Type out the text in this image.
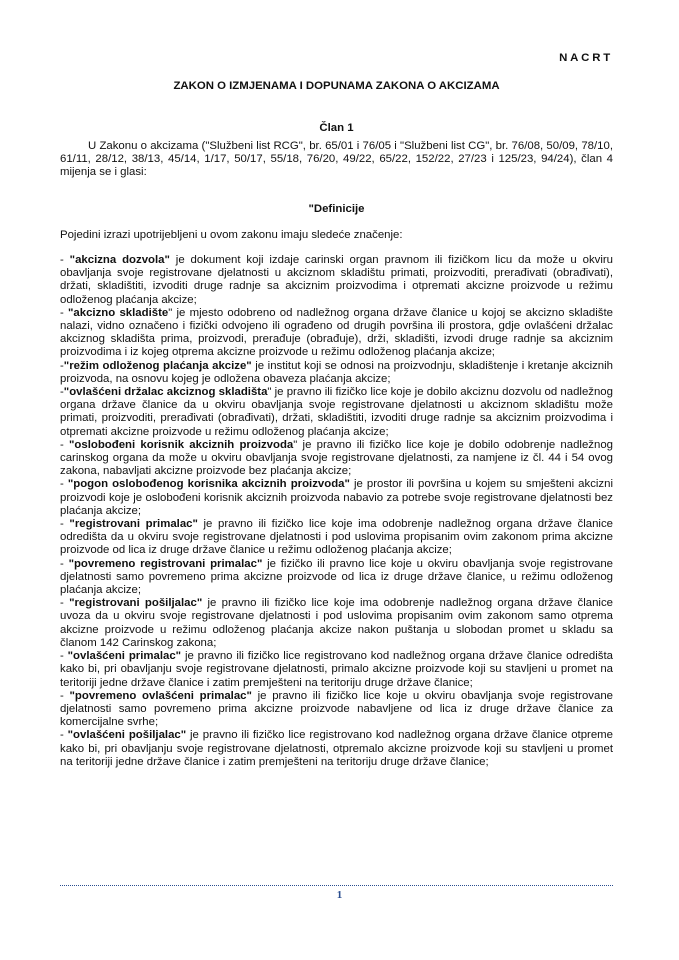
NACRT
ZAKON O IZMJENAMA I DOPUNAMA ZAKONA O AKCIZAMA
Član 1
U Zakonu o akcizama ("Službeni list RCG", br. 65/01 i 76/05 i "Službeni list CG", br. 76/08, 50/09, 78/10, 61/11, 28/12, 38/13, 45/14, 1/17, 50/17, 55/18, 76/20, 49/22, 65/22, 152/22, 27/23 i 125/23, 94/24), član 4 mijenja se i glasi:
"Definicije
Pojedini izrazi upotrijebljeni u ovom zakonu imaju sledeće značenje:

- "akcizna dozvola" je dokument koji izdaje carinski organ pravnom ili fizičkom licu da može u okviru obavljanja svoje registrovane djelatnosti u akciznom skladištu primati, proizvoditi, prerađivati (obrađivati), držati, skladištiti, izvoditi druge radnje sa akciznim proizvodima i otpremati akcizne proizvode u režimu odloženog plaćanja akcize;

- "akcizno skladište" je mjesto odobreno od nadležnog organa države članice u kojoj se akcizno skladište nalazi, vidno označeno i fizički odvojeno ili ograđeno od drugih površina ili prostora, gdje ovlašćeni držalac akciznog skladišta prima, proizvodi, prerađuje (obrađuje), drži, skladišti, izvodi druge radnje sa akciznim proizvodima i iz kojeg otprema akcizne proizvode u režimu odloženog plaćanja akcize;

-"režim odloženog plaćanja akcize" je institut koji se odnosi na proizvodnju, skladištenje i kretanje akciznih proizvoda, na osnovu kojeg je odložena obaveza plaćanja akcize;

-"ovlašćeni držalac akciznog skladišta" je pravno ili fizičko lice koje je dobilo akciznu dozvolu od nadležnog organa države članice da u okviru obavljanja svoje registrovane djelatnosti u akciznom skladištu može primati, proizvoditi, prerađivati (obrađivati), držati, skladištiti, izvoditi druge radnje sa akciznim proizvodima i otpremati akcizne proizvode u režimu odloženog plaćanja akcize;

- "oslobođeni korisnik akciznih proizvoda" je pravno ili fizičko lice koje je dobilo odobrenje nadležnog carinskog organa da može u okviru obavljanja svoje registrovane djelatnosti, za namjene iz čl. 44 i 54 ovog zakona, nabavljati akcizne proizvode bez plaćanja akcize;

- "pogon oslobođenog korisnika akciznih proizvoda" je prostor ili površina u kojem su smješteni akcizni proizvodi koje je oslobođeni korisnik akciznih proizvoda nabavio za potrebe svoje registrovane djelatnosti bez plaćanja akcize;

- "registrovani primalac" je pravno ili fizičko lice koje ima odobrenje nadležnog organa države članice odredišta da u okviru svoje registrovane djelatnosti i pod uslovima propisanim ovim zakonom prima akcizne proizvode od lica iz druge države članice u režimu odloženog plaćanja akcize;

- "povremeno registrovani primalac" je fizičko ili pravno lice koje u okviru obavljanja svoje registrovane djelatnosti samo povremeno prima akcizne proizvode od lica iz druge države članice, u režimu odloženog plaćanja akcize;

- "registrovani pošiljalac" je pravno ili fizičko lice koje ima odobrenje nadležnog organa države članice uvoza da u okviru svoje registrovane djelatnosti i pod uslovima propisanim ovim zakonom samo otprema akcizne proizvode u režimu odloženog plaćanja akcize nakon puštanja u slobodan promet u skladu sa članom 142 Carinskog zakona;

- "ovlašćeni primalac" je pravno ili fizičko lice registrovano kod nadležnog organa države članice odredišta kako bi, pri obavljanju svoje registrovane djelatnosti, primalo akcizne proizvode koji su stavljeni u promet na teritoriji jedne države članice i zatim premješteni na teritoriju druge države članice;

- "povremeno ovlašćeni primalac" je pravno ili fizičko lice koje u okviru obavljanja svoje registrovane djelatnosti samo povremeno prima akcizne proizvode nabavljene od lica iz druge države članice za komercijalne svrhe;

- "ovlašćeni pošiljalac" je pravno ili fizičko lice registrovano kod nadležnog organa države članice otpreme kako bi, pri obavljanju svoje registrovane djelatnosti, otpremalo akcizne proizvode koji su stavljeni u promet na teritoriji jedne države članice i zatim premješteni na teritoriju druge države članice;

1
